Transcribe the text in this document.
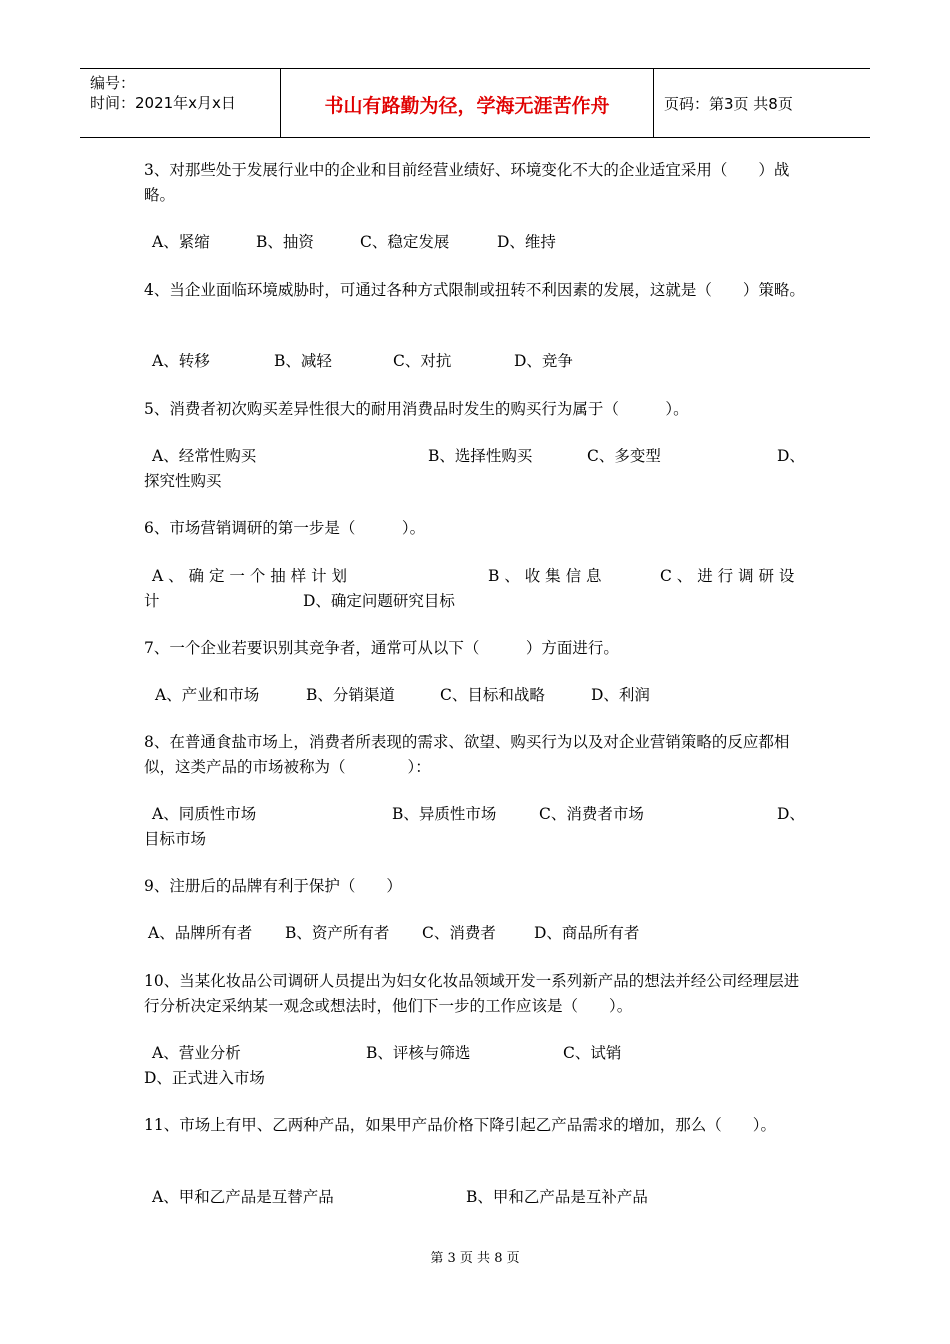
编号：
时间：2021年x月x日	书山有路勤为径，学海无涯苦作舟	页码：第3页 共8页
3、对那些处于发展行业中的企业和目前经营业绩好、环境变化不大的企业适宜采用（　　）战略。
A、紧缩	B、抽资	C、稳定发展	D、维持
4、当企业面临环境威胁时，可通过各种方式限制或扭转不利因素的发展，这就是（　　）策略。
A、转移	B、减轻	C、对抗	D、竞争
5、消费者初次购买差异性很大的耐用消费品时发生的购买行为属于（　　　）。
A、经常性购买	B、选择性购买	C、多变型	D、
探究性购买
6、市场营销调研的第一步是（　　　）。
A 、 确 定 一 个 抽 样 计 划	B 、 收 集 信 息	C 、 进 行 调 研 设
计	D、确定问题研究目标
7、一个企业若要识别其竞争者，通常可从以下（　　　）方面进行。
A、产业和市场	B、分销渠道	C、目标和战略	D、利润
8、在普通食盐市场上，消费者所表现的需求、欲望、购买行为以及对企业营销策略的反应都相似，这类产品的市场被称为（　　　　）：
A、同质性市场	B、异质性市场	C、消费者市场	D、
目标市场
9、注册后的品牌有利于保护（　　）
A、品牌所有者 B、资产所有者 C、消费者 D、商品所有者
10、当某化妆品公司调研人员提出为妇女化妆品领域开发一系列新产品的想法并经公司经理层进行分析决定采纳某一观念或想法时，他们下一步的工作应该是（　　）。
A、营业分析	B、评核与筛选	C、试销
D、正式进入市场
11、市场上有甲、乙两种产品，如果甲产品价格下降引起乙产品需求的增加，那么（　　）。
A、甲和乙产品是互替产品	B、甲和乙产品是互补产品
第 3 页 共 8 页
